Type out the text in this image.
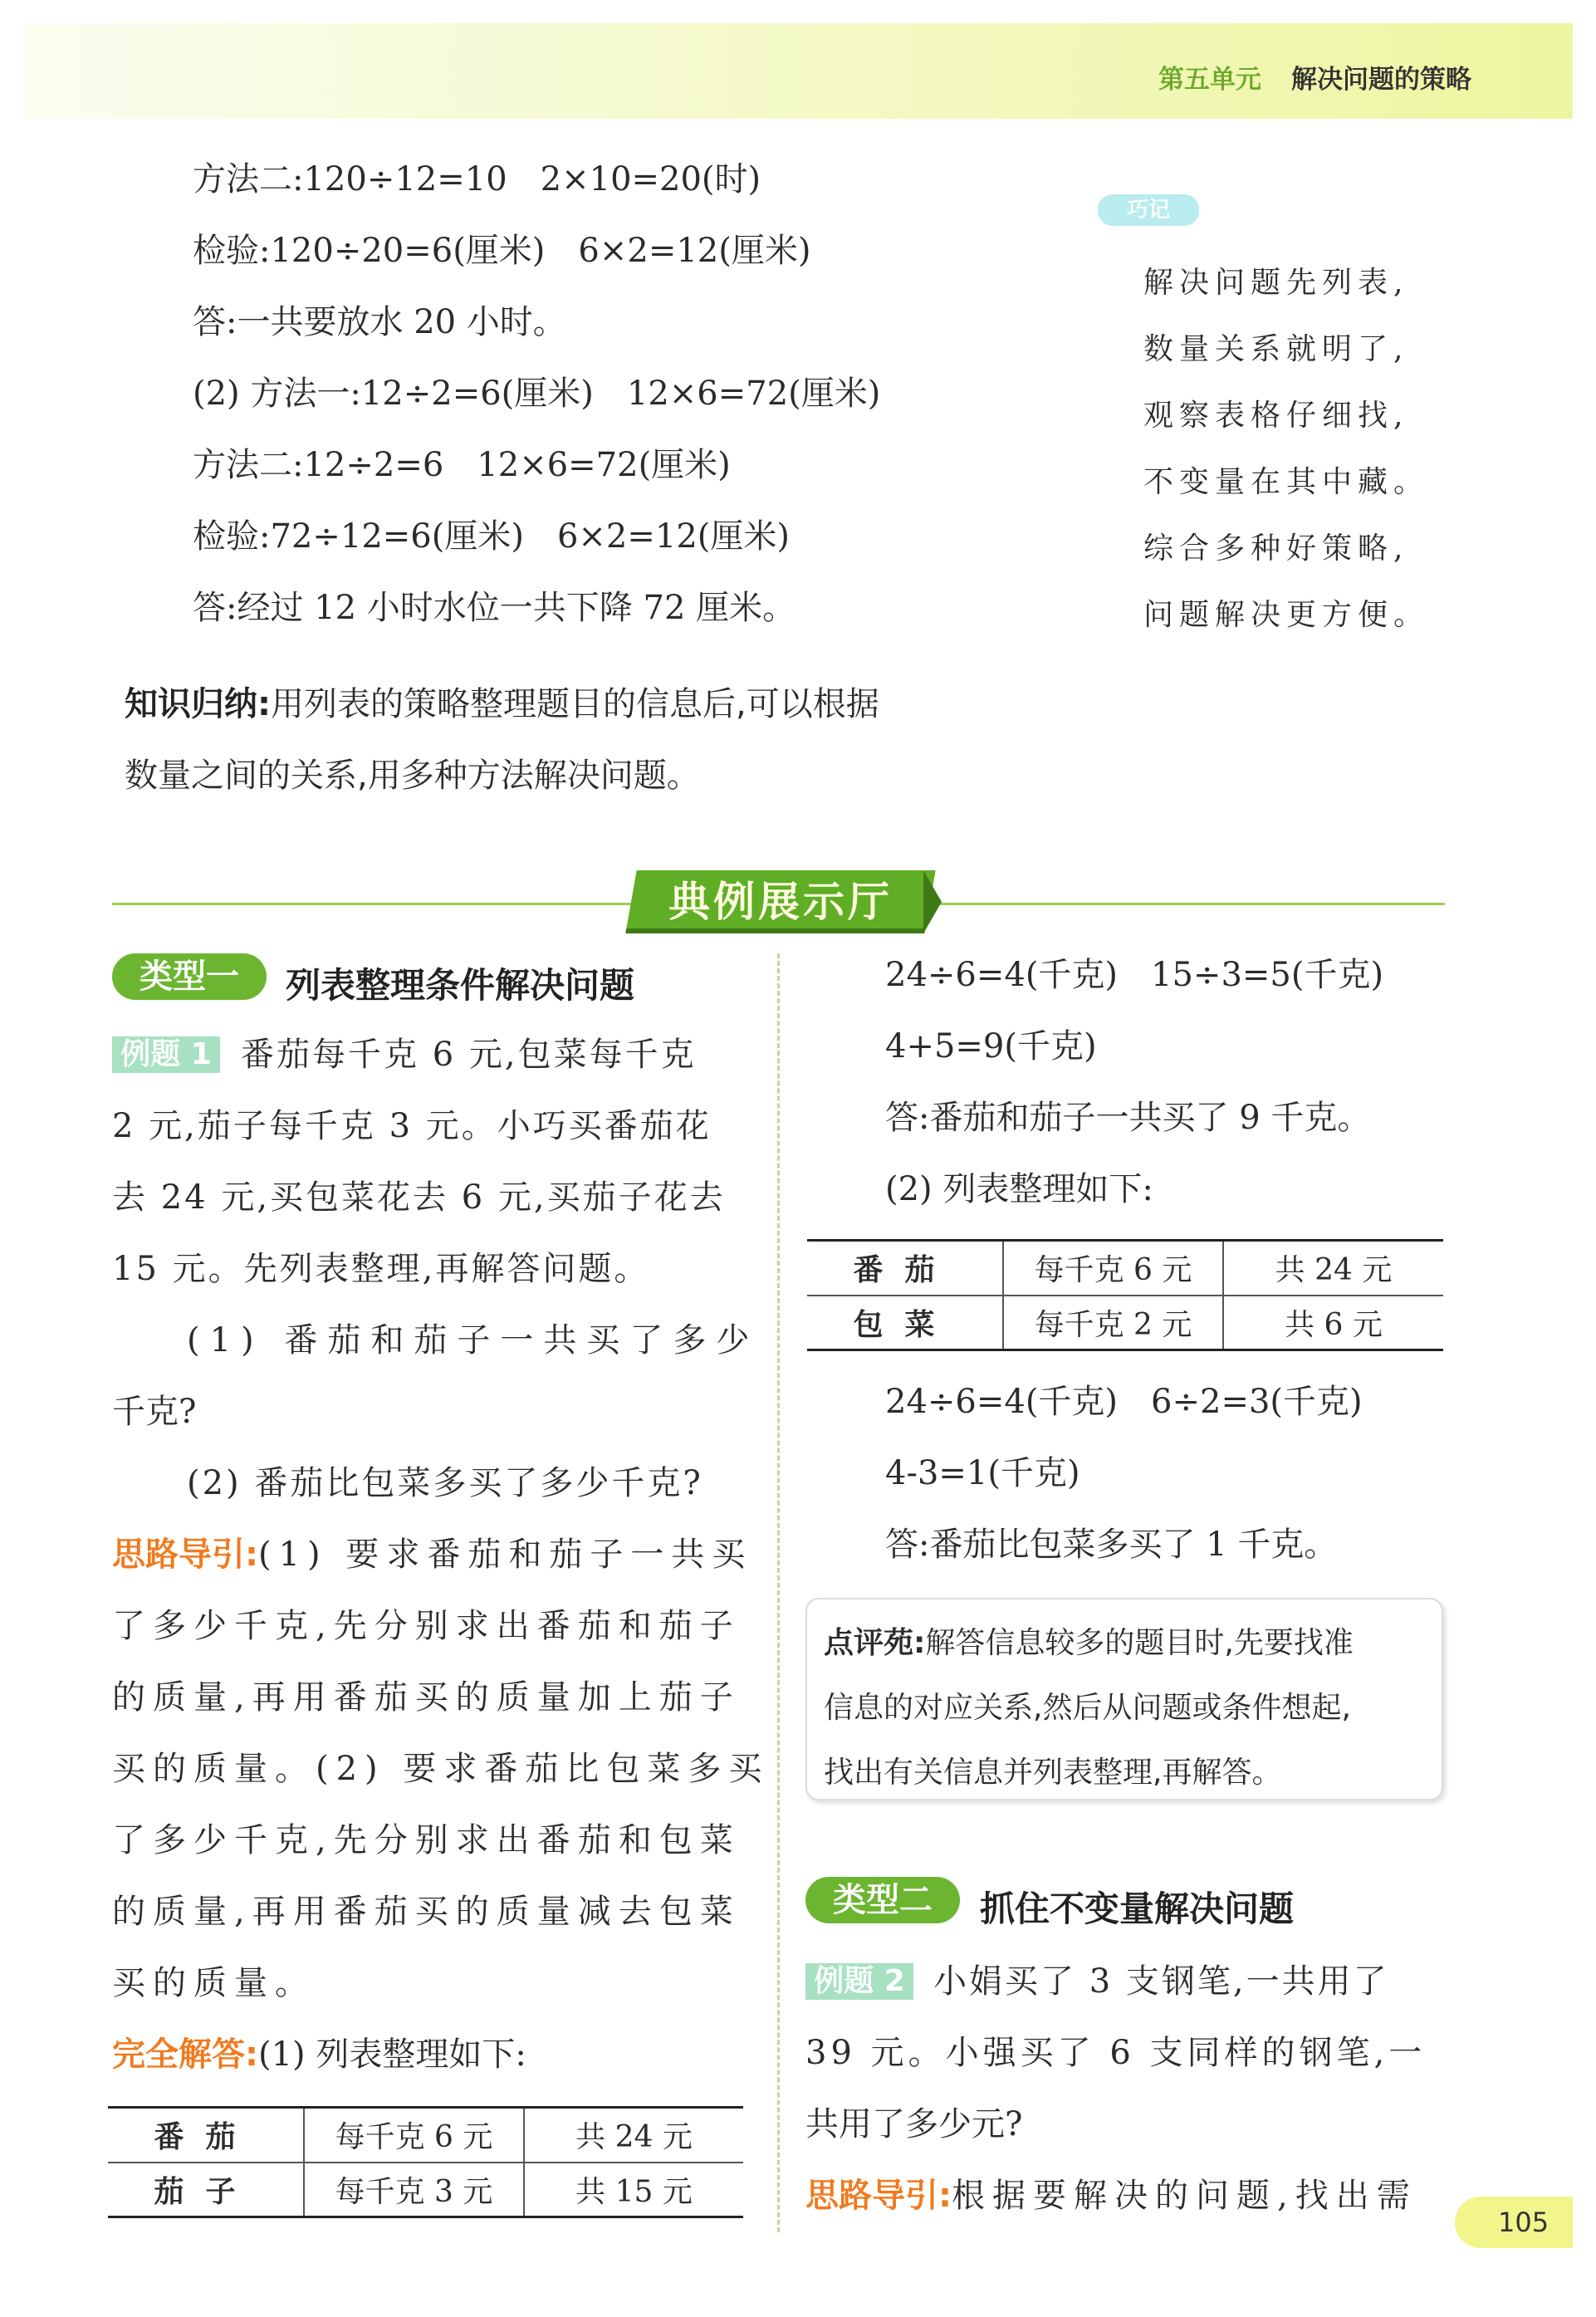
第五单元 解决问题的策略
方法二:120÷12=10　2×10=20(时)
检验:120÷20=6(厘米)　6×2=12(厘米)
答:一共要放水 20 小时。
(2) 方法一:12÷2=6(厘米)　12×6=72(厘米)
方法二:12÷2=6　12×6=72(厘米)
检验:72÷12=6(厘米)　6×2=12(厘米)
答:经过 12 小时水位一共下降 72 厘米。
巧记
解决问题先列表,
数量关系就明了,
观察表格仔细找,
不变量在其中藏。
综合多种好策略,
问题解决更方便。
知识归纳:用列表的策略整理题目的信息后,可以根据
数量之间的关系,用多种方法解决问题。
典例展示厅
类型一	列表整理条件解决问题
例题 1 番茄每千克 6 元,包菜每千克
2 元,茄子每千克 3 元。小巧买番茄花
去 24 元,买包菜花去 6 元,买茄子花去
15 元。先列表整理,再解答问题。
(1) 番茄和茄子一共买了多少
千克?
(2) 番茄比包菜多买了多少千克?
思路导引:(1) 要求番茄和茄子一共买
了多少千克,先分别求出番茄和茄子
的质量,再用番茄买的质量加上茄子
买的质量。(2) 要求番茄比包菜多买
了多少千克,先分别求出番茄和包菜
的质量,再用番茄买的质量减去包菜
买的质量。
完全解答:(1) 列表整理如下:
番茄	每千克 6 元	共 24 元
茄子	每千克 3 元	共 15 元
24÷6=4(千克)　15÷3=5(千克)
4+5=9(千克)
答:番茄和茄子一共买了 9 千克。
(2) 列表整理如下:
番茄	每千克 6 元	共 24 元
包菜	每千克 2 元	共 6 元
24÷6=4(千克)　6÷2=3(千克)
4-3=1(千克)
答:番茄比包菜多买了 1 千克。
点评苑:解答信息较多的题目时,先要找准
信息的对应关系,然后从问题或条件想起,
找出有关信息并列表整理,再解答。
类型二	抓住不变量解决问题
例题 2 小娟买了 3 支钢笔,一共用了
39 元。小强买了 6 支同样的钢笔,一
共用了多少元?
思路导引:根据要解决的问题,找出需
105
